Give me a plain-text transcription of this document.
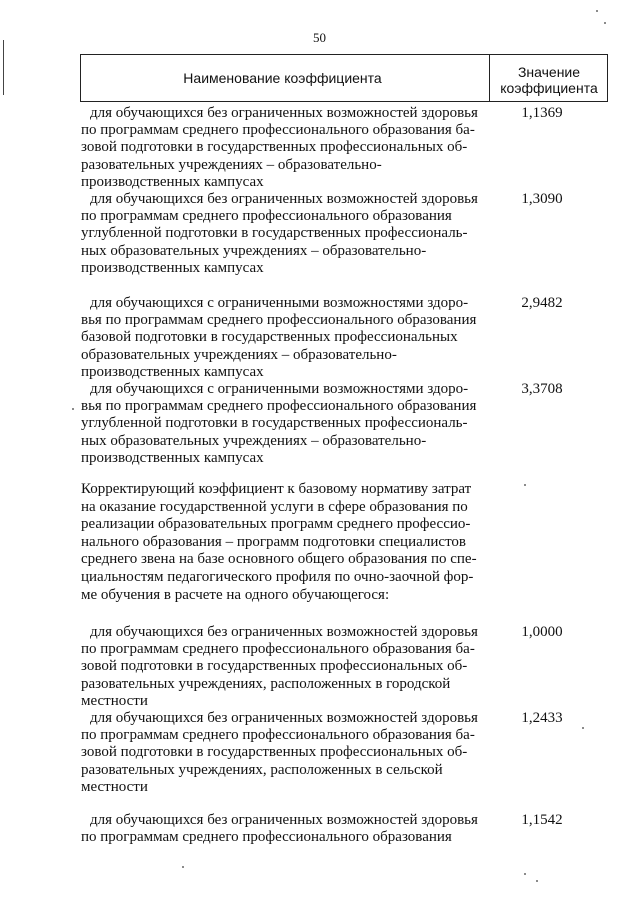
50
Наименование коэффициента	Значение
коэффициента
для обучающихся без ограниченных возможностей здоровья
по программам среднего профессионального образования ба-
зовой подготовки в государственных профессиональных об-
разовательных учреждениях – образовательно-
производственных кампусах
1,1369
для обучающихся без ограниченных возможностей здоровья
по программам среднего профессионального образования
углубленной подготовки в государственных профессиональ-
ных образовательных учреждениях – образовательно-
производственных кампусах
1,3090
для обучающихся с ограниченными возможностями здоро-
вья по программам среднего профессионального образования
базовой подготовки в государственных профессиональных
образовательных учреждениях – образовательно-
производственных кампусах
2,9482
для обучающихся с ограниченными возможностями здоро-
вья по программам среднего профессионального образования
углубленной подготовки в государственных профессиональ-
ных образовательных учреждениях – образовательно-
производственных кампусах
3,3708
Корректирующий коэффициент к базовому нормативу затрат
на оказание государственной услуги в сфере образования по
реализации образовательных программ среднего профессио-
нального образования – программ подготовки специалистов
среднего звена на базе основного общего образования по спе-
циальностям педагогического профиля по очно-заочной фор-
ме обучения в расчете на одного обучающегося:
для обучающихся без ограниченных возможностей здоровья
по программам среднего профессионального образования ба-
зовой подготовки в государственных профессиональных об-
разовательных учреждениях, расположенных в городской
местности
1,0000
для обучающихся без ограниченных возможностей здоровья
по программам среднего профессионального образования ба-
зовой подготовки в государственных профессиональных об-
разовательных учреждениях, расположенных в сельской
местности
1,2433
для обучающихся без ограниченных возможностей здоровья
по программам среднего профессионального образования
1,1542
